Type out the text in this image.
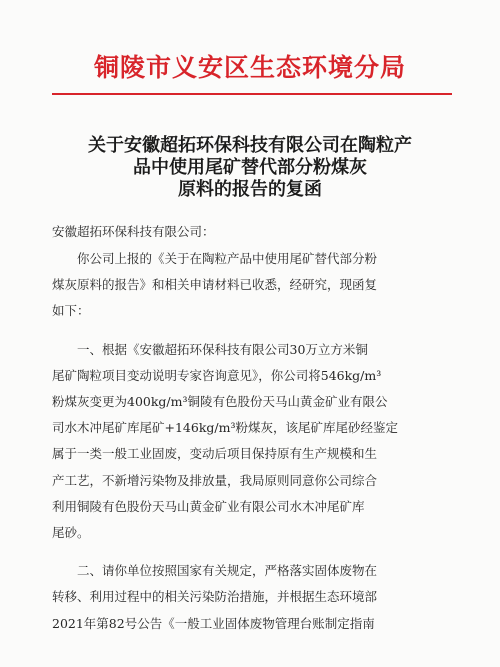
铜陵市义安区生态环境分局
关于安徽超拓环保科技有限公司在陶粒产
品中使用尾矿替代部分粉煤灰
原料的报告的复函
安徽超拓环保科技有限公司：
　　你公司上报的《关于在陶粒产品中使用尾矿替代部分粉
煤灰原料的报告》和相关申请材料已收悉，经研究，现函复
如下：
　　一、根据《安徽超拓环保科技有限公司30万立方米铜
尾矿陶粒项目变动说明专家咨询意见》，你公司将546kg/m³
粉煤灰变更为400kg/m³铜陵有色股份天马山黄金矿业有限公
司水木冲尾矿库尾矿+146kg/m³粉煤灰，该尾矿库尾砂经鉴定
属于一类一般工业固废，变动后项目保持原有生产规模和生
产工艺，不新增污染物及排放量，我局原则同意你公司综合
利用铜陵有色股份天马山黄金矿业有限公司水木冲尾矿库
尾砂。
　　二、请你单位按照国家有关规定，严格落实固体废物在
转移、利用过程中的相关污染防治措施，并根据生态环境部
2021年第82号公告《一般工业固体废物管理台账制定指南
